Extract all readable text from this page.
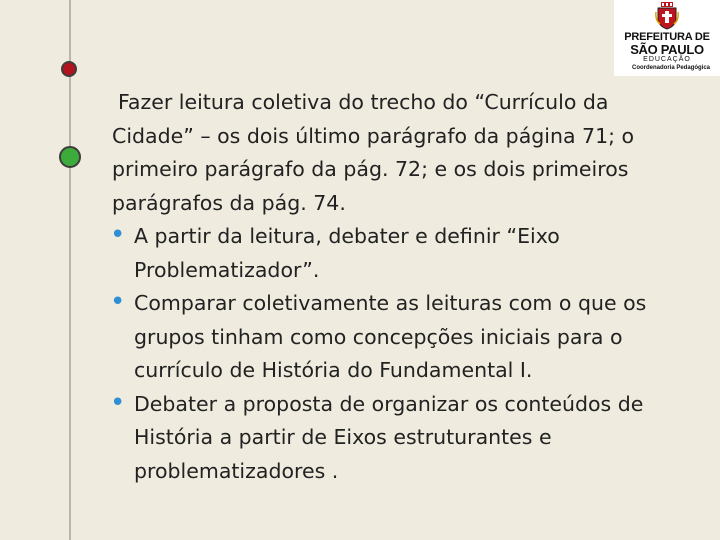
PREFEITURA DE
SÃO PAULO
EDUCAÇÃO
Coordenadoria Pedagógica

Fazer leitura coletiva do trecho do “Currículo da Cidade” – os dois último parágrafo da página 71; o primeiro parágrafo da pág. 72; e os dois primeiros parágrafos da pág. 74.

• A partir da leitura, debater e definir “Eixo Problematizador”.
• Comparar coletivamente as leituras com o que os grupos tinham como concepções iniciais para o currículo de História do Fundamental I.
• Debater a proposta de organizar os conteúdos de História a partir de Eixos estruturantes e problematizadores .
